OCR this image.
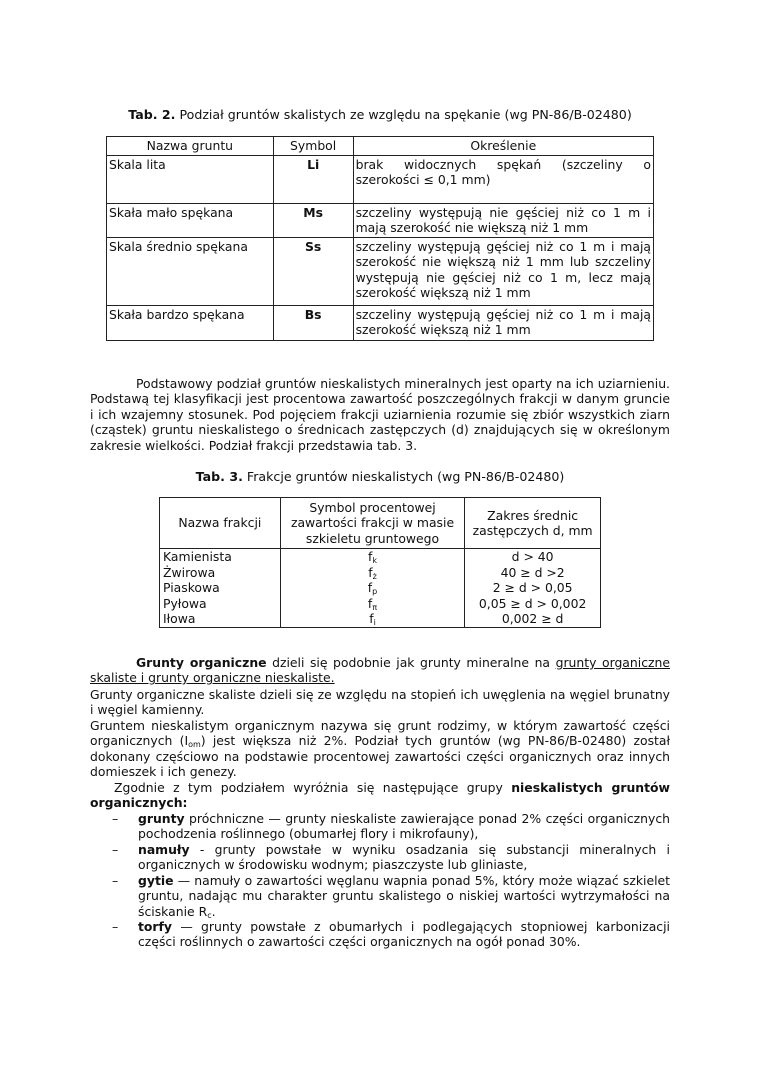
Tab. 2. Podział gruntów skalistych ze względu na spękanie (wg PN-86/B-02480)
Nazwa gruntu	Symbol	Określenie
Skala lita	Li	brak widocznych spękań (szczeliny o szerokości ≤ 0,1 mm)
Skała mało spękana	Ms	szczeliny występują nie gęściej niż co 1 m i mają szerokość nie większą niż 1 mm
Skala średnio spękana	Ss	szczeliny występują gęściej niż co 1 m i mają szerokość nie większą niż 1 mm lub szczeliny występują nie gęściej niż co 1 m, lecz mają szerokość większą niż 1 mm
Skała bardzo spękana	Bs	szczeliny występują gęściej niż co 1 m i mają szerokość większą niż 1 mm
Podstawowy podział gruntów nieskalistych mineralnych jest oparty na ich uziarnieniu. Podstawą tej klasyfikacji jest procentowa zawartość poszczególnych frakcji w danym gruncie i ich wzajemny stosunek. Pod pojęciem frakcji uziarnienia rozumie się zbiór wszystkich ziarn (cząstek) gruntu nieskalistego o średnicach zastępczych (d) znajdujących się w określonym zakresie wielkości. Podział frakcji przedstawia tab. 3.
Tab. 3. Frakcje gruntów nieskalistych (wg PN-86/B-02480)
Nazwa frakcji	Symbol procentowej zawartości frakcji w masie szkieletu gruntowego	Zakres średnic zastępczych d, mm
Kamienista	$f_k$	d > 40
Żwirowa	$f_ż$	40 ≥ d >2
Piaskowa	$f_p$	2 ≥ d > 0,05
Pyłowa	$f_\pi$	0,05 ≥ d > 0,002
Iłowa	$f_i$	0,002 ≥ d
Grunty organiczne dzieli się podobnie jak grunty mineralne na grunty organiczne skaliste i grunty organiczne nieskaliste.
Grunty organiczne skaliste dzieli się ze względu na stopień ich uwęglenia na węgiel brunatny i węgiel kamienny.
Gruntem nieskalistym organicznym nazywa się grunt rodzimy, w którym zawartość części organicznych $(I_{om})$ jest większa niż 2%. Podział tych gruntów (wg PN-86/B-02480) został dokonany częściowo na podstawie procentowej zawartości części organicznych oraz innych domieszek i ich genezy.
Zgodnie z tym podziałem wyróżnia się następujące grupy nieskalistych gruntów organicznych:
– grunty próchniczne — grunty nieskaliste zawierające ponad 2% części organicznych pochodzenia roślinnego (obumarłej flory i mikrofauny),
– namuły - grunty powstałe w wyniku osadzania się substancji mineralnych i organicznych w środowisku wodnym; piaszczyste lub gliniaste,
– gytie — namuły o zawartości węglanu wapnia ponad 5%, który może wiązać szkielet gruntu, nadając mu charakter gruntu skalistego o niskiej wartości wytrzymałości na ściskanie $R_c$.
– torfy — grunty powstałe z obumarłych i podlegających stopniowej karbonizacji części roślinnych o zawartości części organicznych na ogół ponad 30%.
